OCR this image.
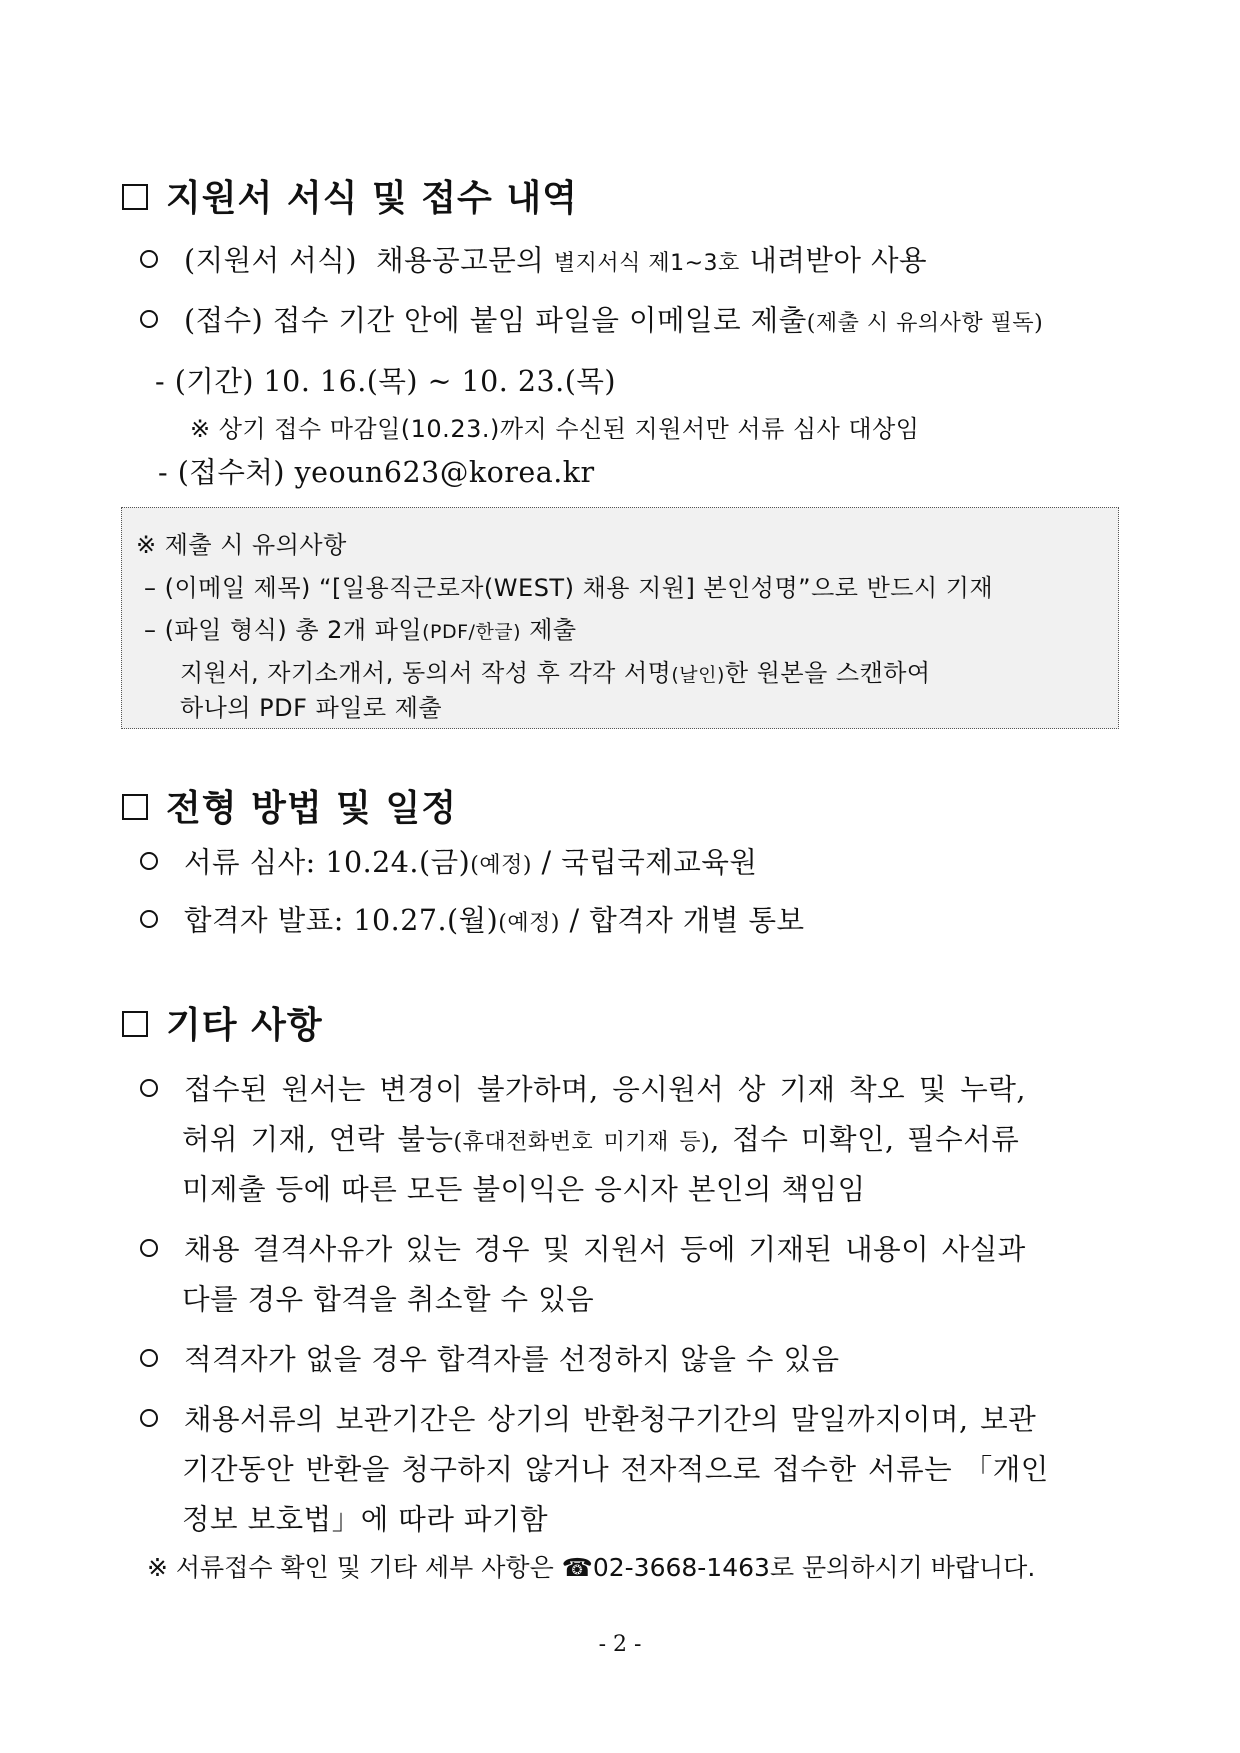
지원서 서식 및 접수 내역
(지원서 서식) 채용공고문의 별지서식 제1~3호 내려받아 사용
(접수) 접수 기간 안에 붙임 파일을 이메일로 제출(제출 시 유의사항 필독)
- (기간) 10. 16.(목) ~ 10. 23.(목)
※ 상기 접수 마감일(10.23.)까지 수신된 지원서만 서류 심사 대상임
- (접수처) yeoun623@korea.kr
※ 제출 시 유의사항
– (이메일 제목) “[일용직근로자(WEST) 채용 지원] 본인성명”으로 반드시 기재
– (파일 형식) 총 2개 파일(PDF/한글) 제출
지원서, 자기소개서, 동의서 작성 후 각각 서명(날인)한 원본을 스캔하여
하나의 PDF 파일로 제출
전형 방법 및 일정
서류 심사: 10.24.(금)(예정) / 국립국제교육원
합격자 발표: 10.27.(월)(예정) / 합격자 개별 통보
기타 사항
접수된 원서는 변경이 불가하며, 응시원서 상 기재 착오 및 누락,
허위 기재, 연락 불능(휴대전화번호 미기재 등), 접수 미확인, 필수서류
미제출 등에 따른 모든 불이익은 응시자 본인의 책임임
채용 결격사유가 있는 경우 및 지원서 등에 기재된 내용이 사실과
다를 경우 합격을 취소할 수 있음
적격자가 없을 경우 합격자를 선정하지 않을 수 있음
채용서류의 보관기간은 상기의 반환청구기간의 말일까지이며, 보관
기간동안 반환을 청구하지 않거나 전자적으로 접수한 서류는 「개인
정보 보호법」에 따라 파기함
※ 서류접수 확인 및 기타 세부 사항은 ☎02-3668-1463로 문의하시기 바랍니다.
- 2 -
